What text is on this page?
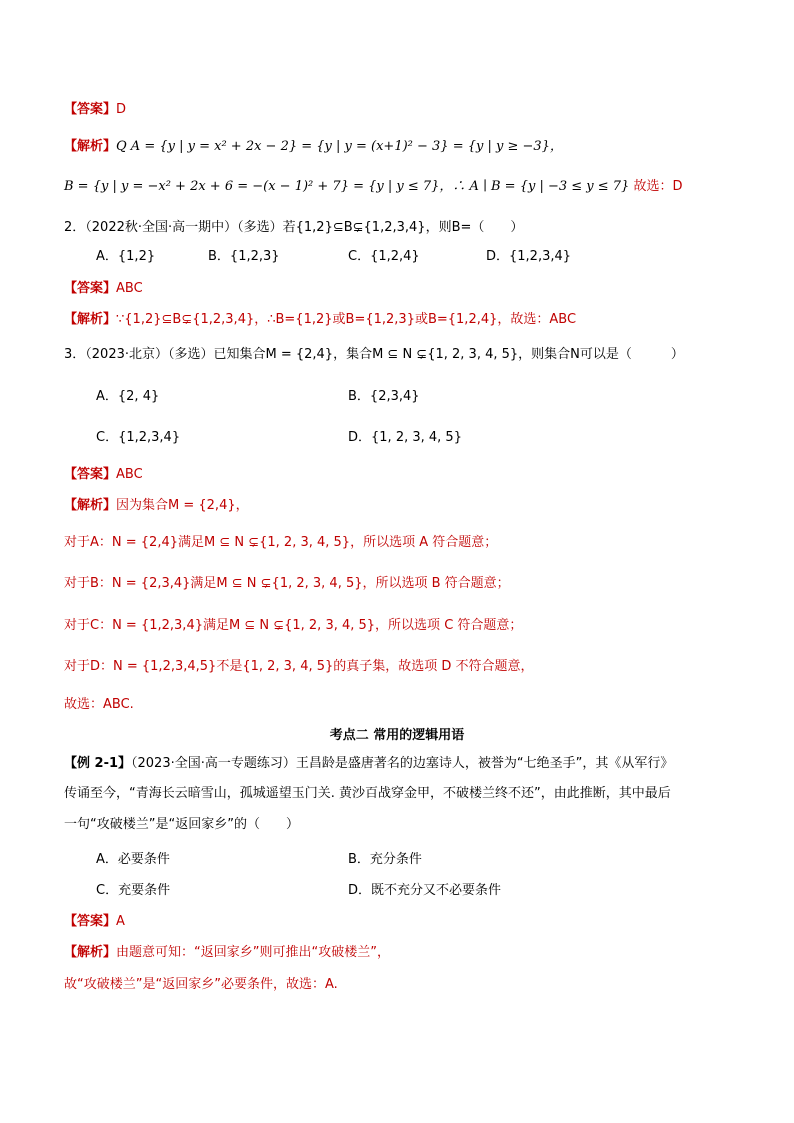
【答案】D
【解析】Q A = {y | y = x² + 2x − 2} = {y | y = (x+1)² − 3} = {y | y ≥ −3}，
B = {y | y = −x² + 2x + 6 = −(x − 1)² + 7} = {y | y ≤ 7}，∴ A ∣ B = {y | −3 ≤ y ≤ 7} 故选：D
2．（2022秋·全国·高一期中）（多选）若{1,2}⊆B⊊{1,2,3,4}，则B=（　　）
A．{1,2}	B．{1,2,3}	C．{1,2,4}	D．{1,2,3,4}
【答案】ABC
【解析】∵{1,2}⊆B⊊{1,2,3,4}，∴B={1,2}或B={1,2,3}或B={1,2,4}，故选：ABC
3．（2023·北京）（多选）已知集合M = {2,4}，集合M ⊆ N ⊊{1, 2, 3, 4, 5}，则集合N可以是（　　　）
A．{2, 4}	B．{2,3,4}
C．{1,2,3,4}	D．{1, 2, 3, 4, 5}
【答案】ABC
【解析】因为集合M = {2,4}，
对于A：N = {2,4}满足M ⊆ N ⊊{1, 2, 3, 4, 5}，所以选项 A 符合题意；
对于B：N = {2,3,4}满足M ⊆ N ⊊{1, 2, 3, 4, 5}，所以选项 B 符合题意；
对于C：N = {1,2,3,4}满足M ⊆ N ⊊{1, 2, 3, 4, 5}，所以选项 C 符合题意；
对于D：N = {1,2,3,4,5}不是{1, 2, 3, 4, 5}的真子集，故选项 D 不符合题意，
故选：ABC.
考点二 常用的逻辑用语
【例 2-1】（2023·全国·高一专题练习）王昌龄是盛唐著名的边塞诗人，被誉为“七绝圣手”，其《从军行》
传诵至今，“青海长云暗雪山，孤城遥望玉门关. 黄沙百战穿金甲，不破楼兰终不还”，由此推断，其中最后
一句“攻破楼兰”是“返回家乡”的（　　）
A．必要条件	B．充分条件
C．充要条件	D．既不充分又不必要条件
【答案】A
【解析】由题意可知：“返回家乡”则可推出“攻破楼兰”，
故“攻破楼兰”是“返回家乡”必要条件，故选：A.
